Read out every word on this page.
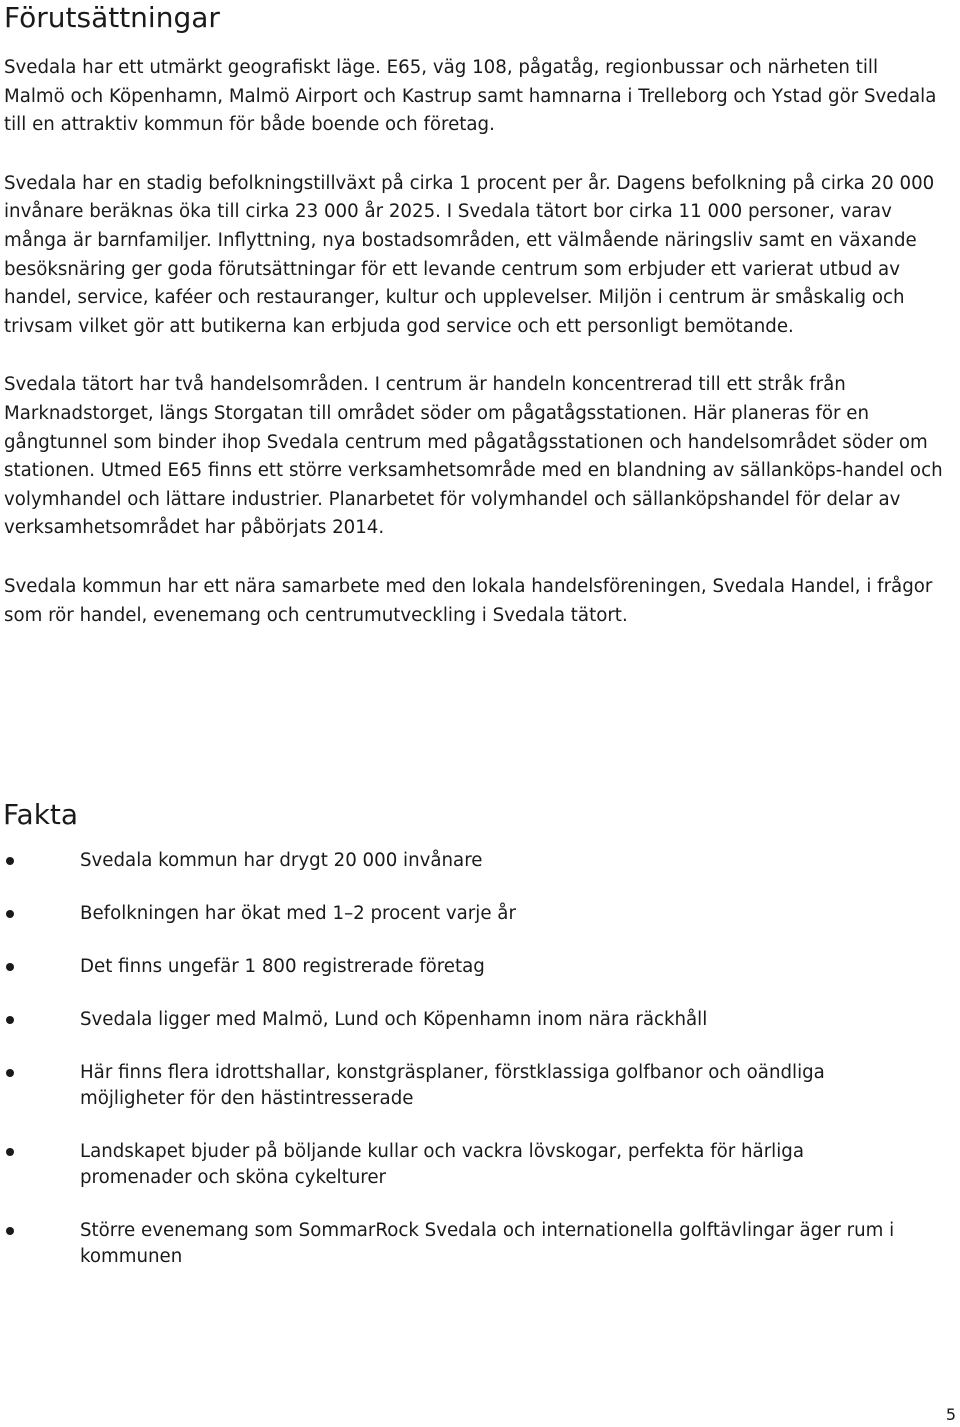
Förutsättningar

Svedala har ett utmärkt geografiskt läge. E65, väg 108, pågatåg, regionbussar och närheten till Malmö och Köpenhamn, Malmö Airport och Kastrup samt hamnarna i Trelleborg och Ystad gör Svedala till en attraktiv kommun för både boende och företag.

Svedala har en stadig befolkningstillväxt på cirka 1 procent per år. Dagens befolkning på cirka 20 000 invånare beräknas öka till cirka 23 000 år 2025. I Svedala tätort bor cirka 11 000 personer, varav många är barnfamiljer. Inflyttning, nya bostadsområden, ett välmående näringsliv samt en växande besöksnäring ger goda förutsättningar för ett levande centrum som erbjuder ett varierat utbud av handel, service, kaféer och restauranger, kultur och upplevelser. Miljön i centrum är småskalig och trivsam vilket gör att butikerna kan erbjuda god service och ett personligt bemötande.

Svedala tätort har två handelsområden. I centrum är handeln koncentrerad till ett stråk från Marknadstorget, längs Storgatan till området söder om pågatågsstationen. Här planeras för en gångtunnel som binder ihop Svedala centrum med pågatågsstationen och handelsområdet söder om stationen. Utmed E65 finns ett större verksamhetsområde med en blandning av sällanköps-handel och volymhandel och lättare industrier. Planarbetet för volymhandel och sällanköpshandel för delar av verksamhetsområdet har påbörjats 2014.

Svedala kommun har ett nära samarbete med den lokala handelsföreningen, Svedala Handel, i frågor som rör handel, evenemang och centrumutveckling i Svedala tätort.

Fakta
Svedala kommun har drygt 20 000 invånare
Befolkningen har ökat med 1–2 procent varje år
Det finns ungefär 1 800 registrerade företag
Svedala ligger med Malmö, Lund och Köpenhamn inom nära räckhåll
Här finns flera idrottshallar, konstgräsplaner, förstklassiga golfbanor och oändliga möjligheter för den hästintresserade
Landskapet bjuder på böljande kullar och vackra lövskogar, perfekta för härliga promenader och sköna cykelturer
Större evenemang som SommarRock Svedala och internationella golftävlingar äger rum i kommunen
5
